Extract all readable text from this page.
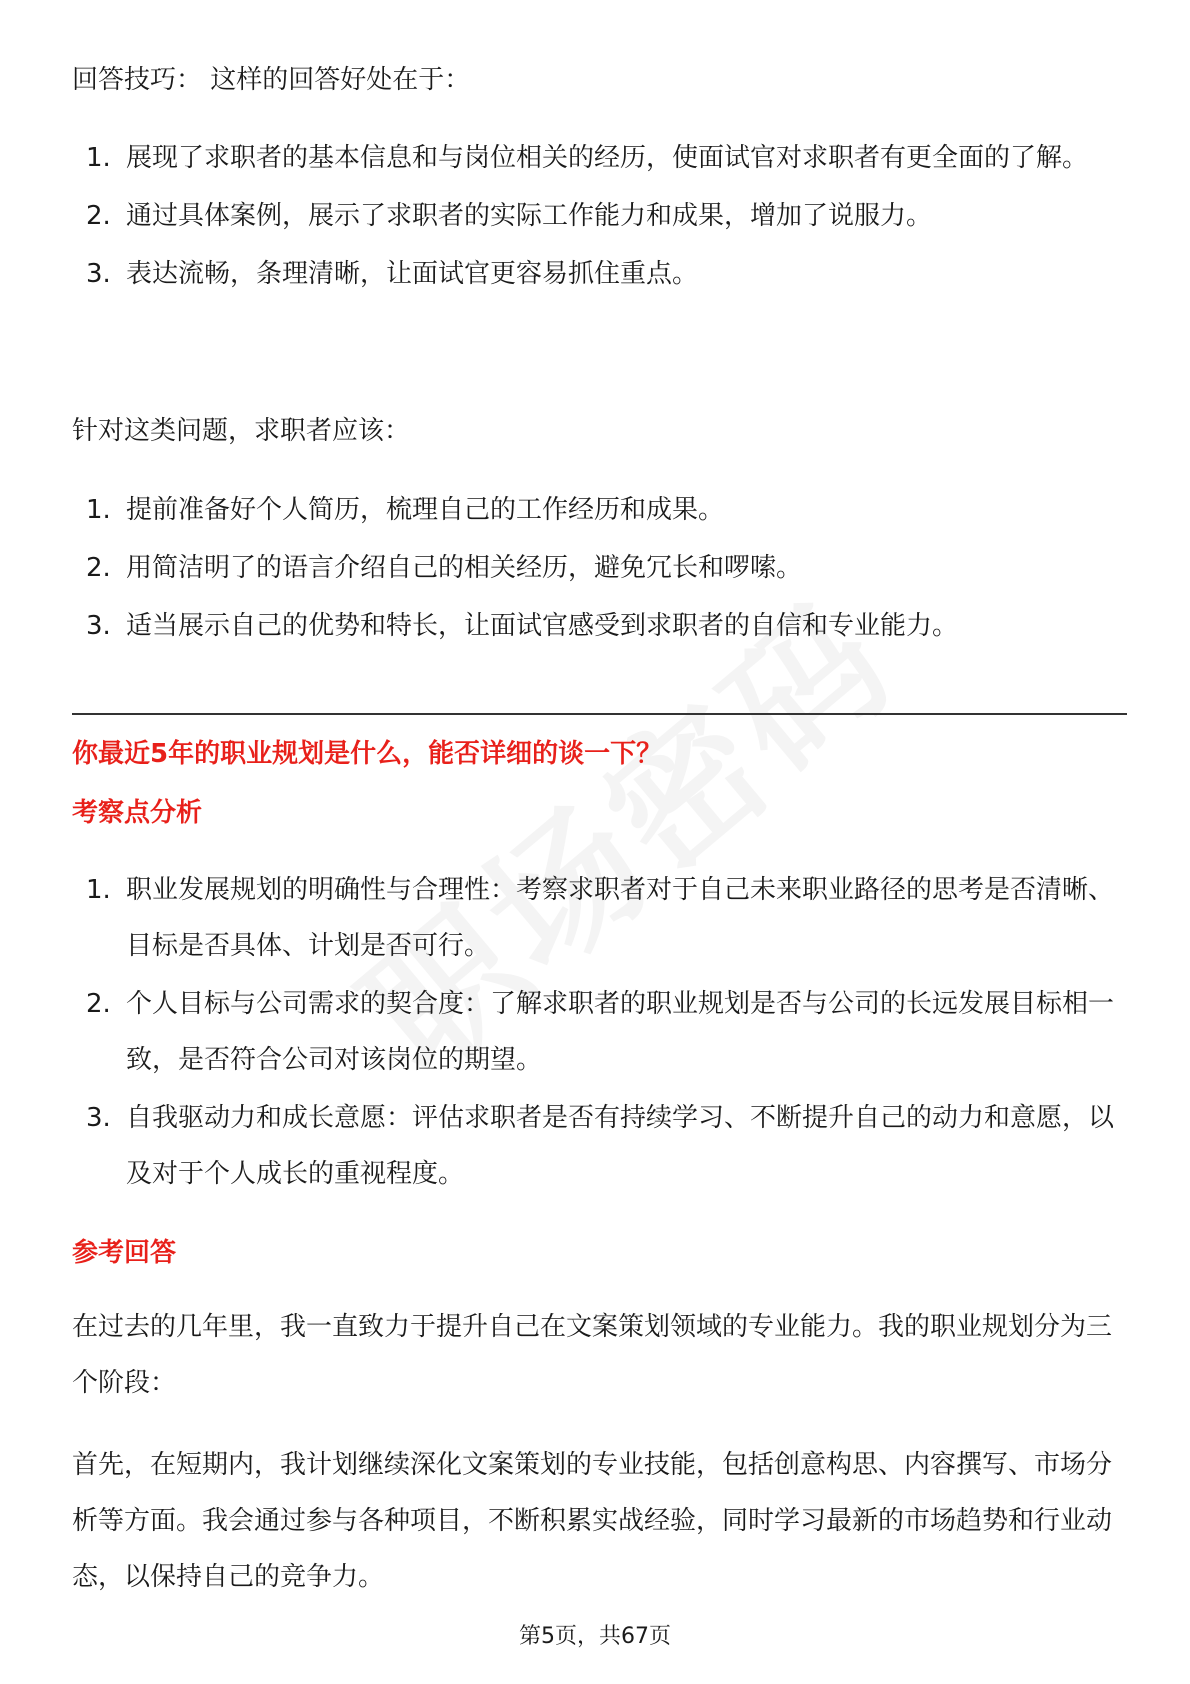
回答技巧： 这样的回答好处在于：

1. 展现了求职者的基本信息和与岗位相关的经历，使面试官对求职者有更全面的了解。
2. 通过具体案例，展示了求职者的实际工作能力和成果，增加了说服力。
3. 表达流畅，条理清晰，让面试官更容易抓住重点。

针对这类问题，求职者应该：

1. 提前准备好个人简历，梳理自己的工作经历和成果。
2. 用简洁明了的语言介绍自己的相关经历，避免冗长和啰嗦。
3. 适当展示自己的优势和特长，让面试官感受到求职者的自信和专业能力。
你最近5年的职业规划是什么，能否详细的谈一下？
考察点分析
1. 职业发展规划的明确性与合理性：考察求职者对于自己未来职业路径的思考是否清晰、目标是否具体、计划是否可行。
2. 个人目标与公司需求的契合度：了解求职者的职业规划是否与公司的长远发展目标相一致，是否符合公司对该岗位的期望。
3. 自我驱动力和成长意愿：评估求职者是否有持续学习、不断提升自己的动力和意愿，以及对于个人成长的重视程度。
参考回答

在过去的几年里，我一直致力于提升自己在文案策划领域的专业能力。我的职业规划分为三个阶段：

首先，在短期内，我计划继续深化文案策划的专业技能，包括创意构思、内容撰写、市场分析等方面。我会通过参与各种项目，不断积累实战经验，同时学习最新的市场趋势和行业动态，以保持自己的竞争力。

第5页，共67页
